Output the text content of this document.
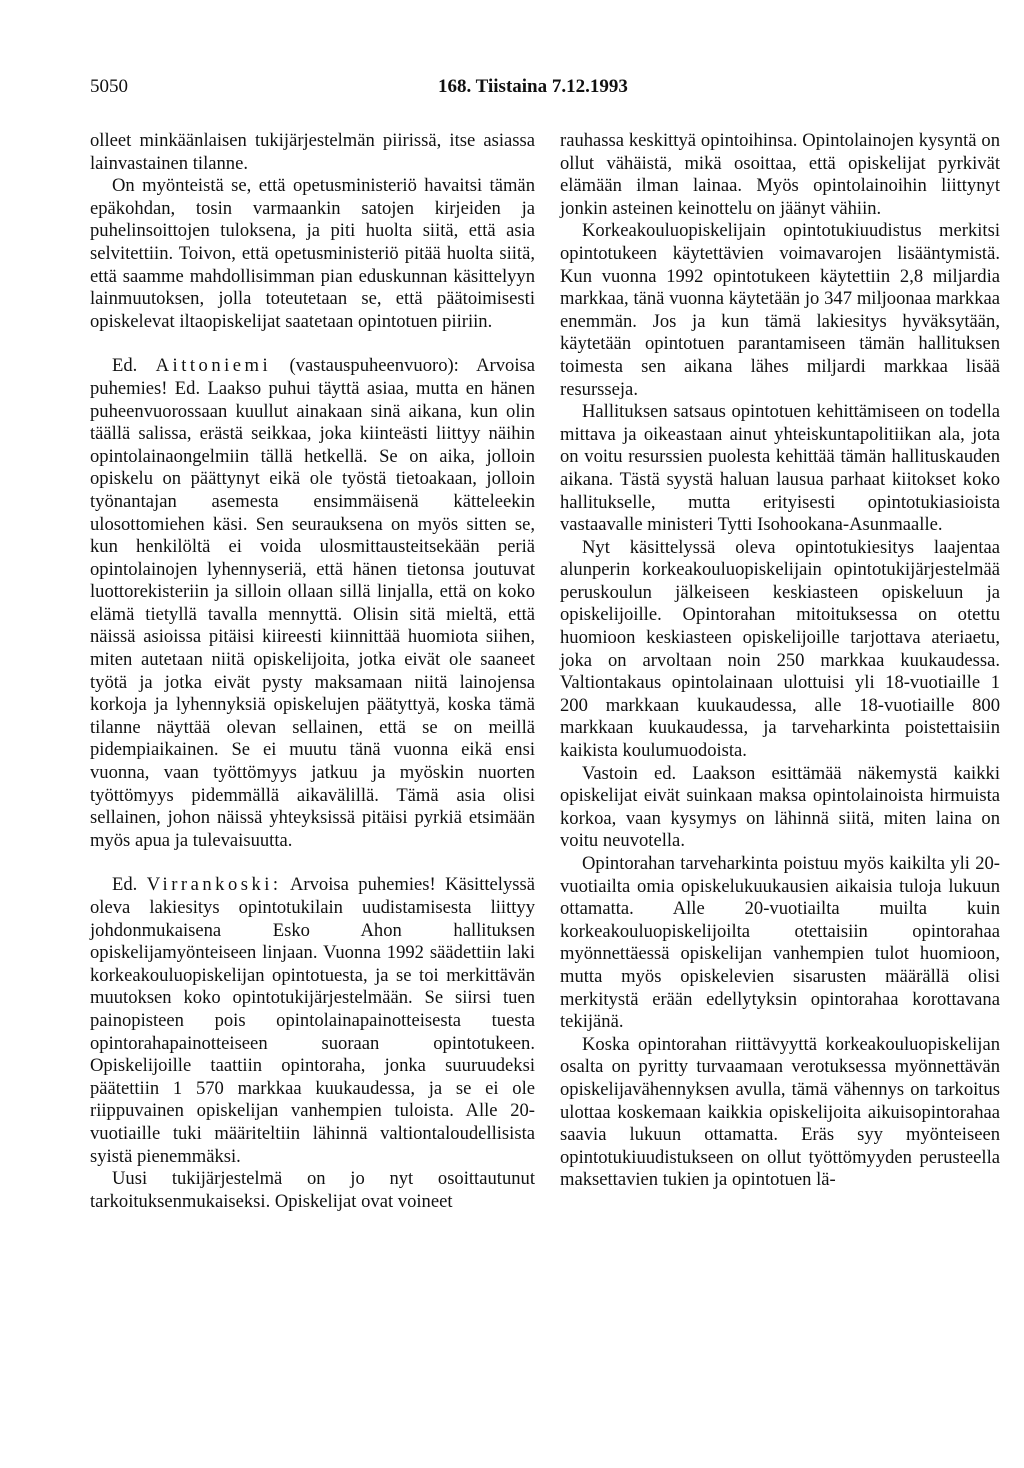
5050	168. Tiistaina 7.12.1993

olleet minkäänlaisen tukijärjestelmän piirissä, itse asiassa lainvastainen tilanne.

On myönteistä se, että opetusministeriö havaitsi tämän epäkohdan, tosin varmaankin satojen kirjeiden ja puhelinsoittojen tuloksena, ja piti huolta siitä, että asia selvitettiin. Toivon, että opetusministeriö pitää huolta siitä, että saamme mahdollisimman pian eduskunnan käsittelyyn lainmuutoksen, jolla toteutetaan se, että päätoimisesti opiskelevat iltaopiskelijat saatetaan opintotuen piiriin.

Ed. Aittoniemi (vastauspuheenvuoro): Arvoisa puhemies! Ed. Laakso puhui täyttä asiaa, mutta en hänen puheenvuorossaan kuullut ainakaan sinä aikana, kun olin täällä salissa, erästä seikkaa, joka kiinteästi liittyy näihin opintolainaongelmiin tällä hetkellä. Se on aika, jolloin opiskelu on päättynyt eikä ole työstä tietoakaan, jolloin työnantajan asemesta ensimmäisenä kätteleekin ulosottomiehen käsi. Sen seurauksena on myös sitten se, kun henkilöltä ei voida ulosmittausteitsekään periä opintolainojen lyhennyseriä, että hänen tietonsa joutuvat luottorekisteriin ja silloin ollaan sillä linjalla, että on koko elämä tietyllä tavalla mennyttä. Olisin sitä mieltä, että näissä asioissa pitäisi kiireesti kiinnittää huomiota siihen, miten autetaan niitä opiskelijoita, jotka eivät ole saaneet työtä ja jotka eivät pysty maksamaan niitä lainojensa korkoja ja lyhennyksiä opiskelujen päätyttyä, koska tämä tilanne näyttää olevan sellainen, että se on meillä pidempiaikainen. Se ei muutu tänä vuonna eikä ensi vuonna, vaan työttömyys jatkuu ja myöskin nuorten työttömyys pidemmällä aikavälillä. Tämä asia olisi sellainen, johon näissä yhteyksissä pitäisi pyrkiä etsimään myös apua ja tulevaisuutta.

Ed. Virrankoski: Arvoisa puhemies! Käsittelyssä oleva lakiesitys opintotukilain uudistamisesta liittyy johdonmukaisena Esko Ahon hallituksen opiskelijamyönteiseen linjaan. Vuonna 1992 säädettiin laki korkeakouluopiskelijan opintotuesta, ja se toi merkittävän muutoksen koko opintotukijärjestelmään. Se siirsi tuen painopisteen pois opintolainapainotteisesta tuesta opintorahapainotteiseen suoraan opintotukeen. Opiskelijoille taattiin opintoraha, jonka suuruudeksi päätettiin 1 570 markkaa kuukaudessa, ja se ei ole riippuvainen opiskelijan vanhempien tuloista. Alle 20-vuotiaille tuki määriteltiin lähinnä valtiontaloudellisista syistä pienemmäksi.

Uusi tukijärjestelmä on jo nyt osoittautunut tarkoituksenmukaiseksi. Opiskelijat ovat voineet

rauhassa keskittyä opintoihinsa. Opintolainojen kysyntä on ollut vähäistä, mikä osoittaa, että opiskelijat pyrkivät elämään ilman lainaa. Myös opintolainoihin liittynyt jonkin asteinen keinottelu on jäänyt vähiin.

Korkeakouluopiskelijain opintotukiuudistus merkitsi opintotukeen käytettävien voimavarojen lisääntymistä. Kun vuonna 1992 opintotukeen käytettiin 2,8 miljardia markkaa, tänä vuonna käytetään jo 347 miljoonaa markkaa enemmän. Jos ja kun tämä lakiesitys hyväksytään, käytetään opintotuen parantamiseen tämän hallituksen toimesta sen aikana lähes miljardi markkaa lisää resursseja.

Hallituksen satsaus opintotuen kehittämiseen on todella mittava ja oikeastaan ainut yhteiskuntapolitiikan ala, jota on voitu resurssien puolesta kehittää tämän hallituskauden aikana. Tästä syystä haluan lausua parhaat kiitokset koko hallitukselle, mutta erityisesti opintotukiasioista vastaavalle ministeri Tytti Isohookana-Asunmaalle.

Nyt käsittelyssä oleva opintotukiesitys laajentaa alunperin korkeakouluopiskelijain opintotukijärjestelmää peruskoulun jälkeiseen keskiasteen opiskeluun ja opiskelijoille. Opintorahan mitoituksessa on otettu huomioon keskiasteen opiskelijoille tarjottava ateriaetu, joka on arvoltaan noin 250 markkaa kuukaudessa. Valtiontakaus opintolainaan ulottuisi yli 18-vuotiaille 1 200 markkaan kuukaudessa, alle 18-vuotiaille 800 markkaan kuukaudessa, ja tarveharkinta poistettaisiin kaikista koulumuodoista.

Vastoin ed. Laakson esittämää näkemystä kaikki opiskelijat eivät suinkaan maksa opintolainoista hirmuista korkoa, vaan kysymys on lähinnä siitä, miten laina on voitu neuvotella.

Opintorahan tarveharkinta poistuu myös kaikilta yli 20-vuotiailta omia opiskelukuukausien aikaisia tuloja lukuun ottamatta. Alle 20-vuotiailta muilta kuin korkeakouluopiskelijoilta otettaisiin opintorahaa myönnettäessä opiskelijan vanhempien tulot huomioon, mutta myös opiskelevien sisarusten määrällä olisi merkitystä erään edellytyksin opintorahaa korottavana tekijänä.

Koska opintorahan riittävyyttä korkeakouluopiskelijan osalta on pyritty turvaamaan verotuksessa myönnettävän opiskelijavähennyksen avulla, tämä vähennys on tarkoitus ulottaa koskemaan kaikkia opiskelijoita aikuisopintorahaa saavia lukuun ottamatta. Eräs syy myönteiseen opintotukiuudistukseen on ollut työttömyyden perusteella maksettavien tukien ja opintotuen lä-
